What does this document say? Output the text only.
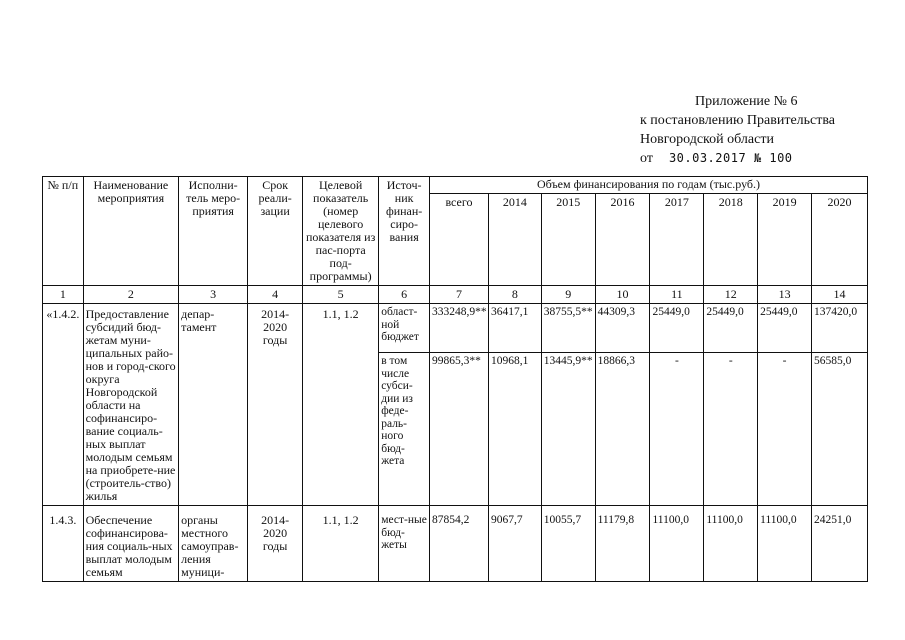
Приложение № 6
к постановлению Правительства
Новгородской области
от 30.03.2017 № 100
№ п/п	Наименование мероприятия	Исполни-тель меро-приятия	Срок реали-зации	Целевой показатель (номер целевого показателя из пас-порта под-программы)	Источ-ник финан-сиро-вания	Объем финансирования по годам (тыс.руб.)							
						всего	2014	2015	2016	2017	2018	2019	2020
1	2	3	4	5	6	7	8	9	10	11	12	13	14
«1.4.2.	Предоставление субсидий бюд-жетам муни-ципальных райо-нов и город-ского округа Новгородской области на софинансиро-вание социаль-ных выплат молодым семьям на приобрете-ние (строитель-ство) жилья	депар-тамент	2014-2020 годы	1.1, 1.2	област-ной бюджет	333248,9**	36417,1	38755,5**	44309,3	25449,0	25449,0	25449,0	137420,0
					в том числе субси-дии из феде-раль-ного бюд-жета	99865,3**	10968,1	13445,9**	18866,3	-	-	-	56585,0
1.4.3.	Обеспечение софинансирова-ния социаль-ных выплат молодым семьям	органы местного самоуправ-ления муници-	2014-2020 годы	1.1, 1.2	мест-ные бюд-жеты	87854,2	9067,7	10055,7	11179,8	11100,0	11100,0	11100,0	24251,0
